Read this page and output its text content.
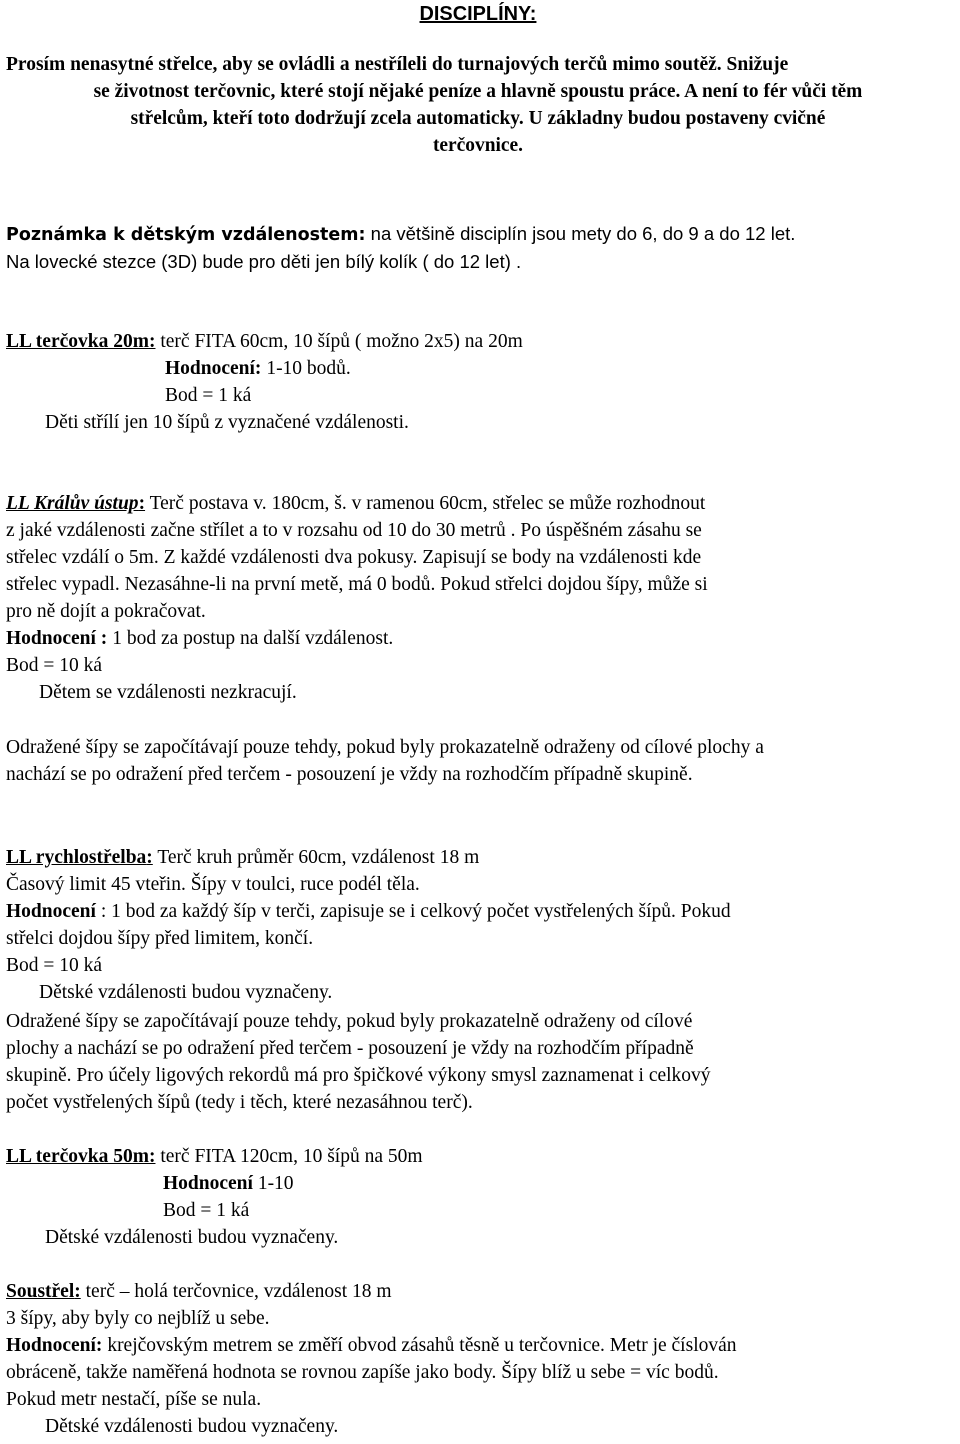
DISCIPLÍNY:
Prosím nenasytné střelce, aby se ovládli a nestříleli do turnajových terčů mimo soutěž. Snižuje
se životnost terčovnic, které stojí nějaké peníze a hlavně spoustu práce. A není to fér vůči těm
střelcům, kteří toto dodržují zcela automaticky. U základny budou postaveny cvičné
terčovnice.
Poznámka k dětským vzdálenostem: na většině disciplín jsou mety do 6, do 9 a do 12 let.
Na lovecké stezce (3D) bude pro děti jen bílý kolík ( do 12 let) .
LL terčovka 20m: terč FITA 60cm, 10 šípů ( možno 2x5) na 20m
Hodnocení: 1-10 bodů.
Bod = 1 ká
Děti střílí jen 10 šípů z vyznačené vzdálenosti.
LL Králův ústup: Terč postava v. 180cm, š. v ramenou 60cm, střelec se může rozhodnout
z jaké vzdálenosti začne střílet a to v rozsahu od 10 do 30 metrů . Po úspěšném zásahu se
střelec vzdálí o 5m. Z každé vzdálenosti dva pokusy. Zapisují se body na vzdálenosti kde
střelec vypadl. Nezasáhne-li na první metě, má 0 bodů. Pokud střelci dojdou šípy, může si
pro ně dojít a pokračovat.
Hodnocení : 1 bod za postup na další vzdálenost.
Bod = 10 ká
Dětem se vzdálenosti nezkracují.
Odražené šípy se započítávají pouze tehdy, pokud byly prokazatelně odraženy od cílové plochy a
nachází se po odražení před terčem - posouzení je vždy na rozhodčím případně skupině.
LL rychlostřelba: Terč kruh průměr 60cm, vzdálenost 18 m
Časový limit 45 vteřin. Šípy v toulci, ruce podél těla.
Hodnocení : 1 bod za každý šíp v terči, zapisuje se i celkový počet vystřelených šípů. Pokud
střelci dojdou šípy před limitem, končí.
Bod = 10 ká
Dětské vzdálenosti budou vyznačeny.
Odražené šípy se započítávají pouze tehdy, pokud byly prokazatelně odraženy od cílové
plochy a nachází se po odražení před terčem - posouzení je vždy na rozhodčím případně
skupině. Pro účely ligových rekordů má pro špičkové výkony smysl zaznamenat i celkový
počet vystřelených šípů (tedy i těch, které nezasáhnou terč).
LL terčovka 50m: terč FITA 120cm, 10 šípů na 50m
Hodnocení 1-10
Bod = 1 ká
Dětské vzdálenosti budou vyznačeny.
Soustřel: terč – holá terčovnice, vzdálenost 18 m
3 šípy, aby byly co nejblíž u sebe.
Hodnocení: krejčovským metrem se změří obvod zásahů těsně u terčovnice. Metr je číslován
obráceně, takže naměřená hodnota se rovnou zapíše jako body. Šípy blíž u sebe = víc bodů.
Pokud metr nestačí, píše se nula.
Dětské vzdálenosti budou vyznačeny.
